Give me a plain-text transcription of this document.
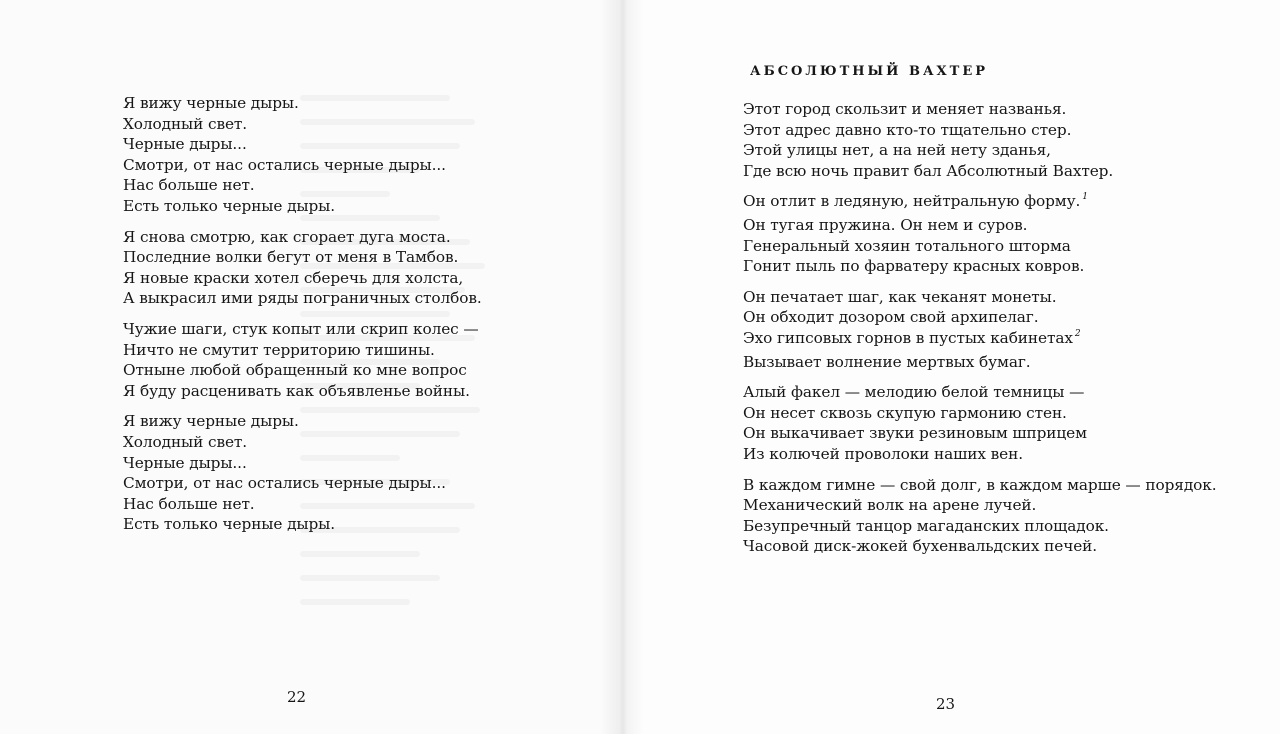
Я вижу черные дыры.
Холодный свет.
Черные дыры...
Смотри, от нас остались черные дыры...
Нас больше нет.
Есть только черные дыры.
Я снова смотрю, как сгорает дуга моста.
Последние волки бегут от меня в Тамбов.
Я новые краски хотел сберечь для холста,
А выкрасил ими ряды пограничных столбов.
Чужие шаги, стук копыт или скрип колес —
Ничто не смутит территорию тишины.
Отныне любой обращенный ко мне вопрос
Я буду расценивать как объявленье войны.
Я вижу черные дыры.
Холодный свет.
Черные дыры...
Смотри, от нас остались черные дыры...
Нас больше нет.
Есть только черные дыры.
АБСОЛЮТНЫЙ ВАХТЕР
Этот город скользит и меняет названья.
Этот адрес давно кто-то тщательно стер.
Этой улицы нет, а на ней нету зданья,
Где всю ночь правит бал Абсолютный Вахтер.
Он отлит в ледяную, нейтральную форму. $^1$
Он тугая пружина. Он нем и суров.
Генеральный хозяин тотального шторма
Гонит пыль по фарватеру красных ковров.
Он печатает шаг, как чеканят монеты.
Он обходит дозором свой архипелаг.
Эхо гипсовых горнов в пустых кабинетах $^2$
Вызывает волнение мертвых бумаг.
Алый факел — мелодию белой темницы —
Он несет сквозь скупую гармонию стен.
Он выкачивает звуки резиновым шприцем
Из колючей проволоки наших вен.
В каждом гимне — свой долг, в каждом марше — порядок.
Механический волк на арене лучей.
Безупречный танцор магаданских площадок.
Часовой диск-жокей бухенвальдских печей.
22	23
